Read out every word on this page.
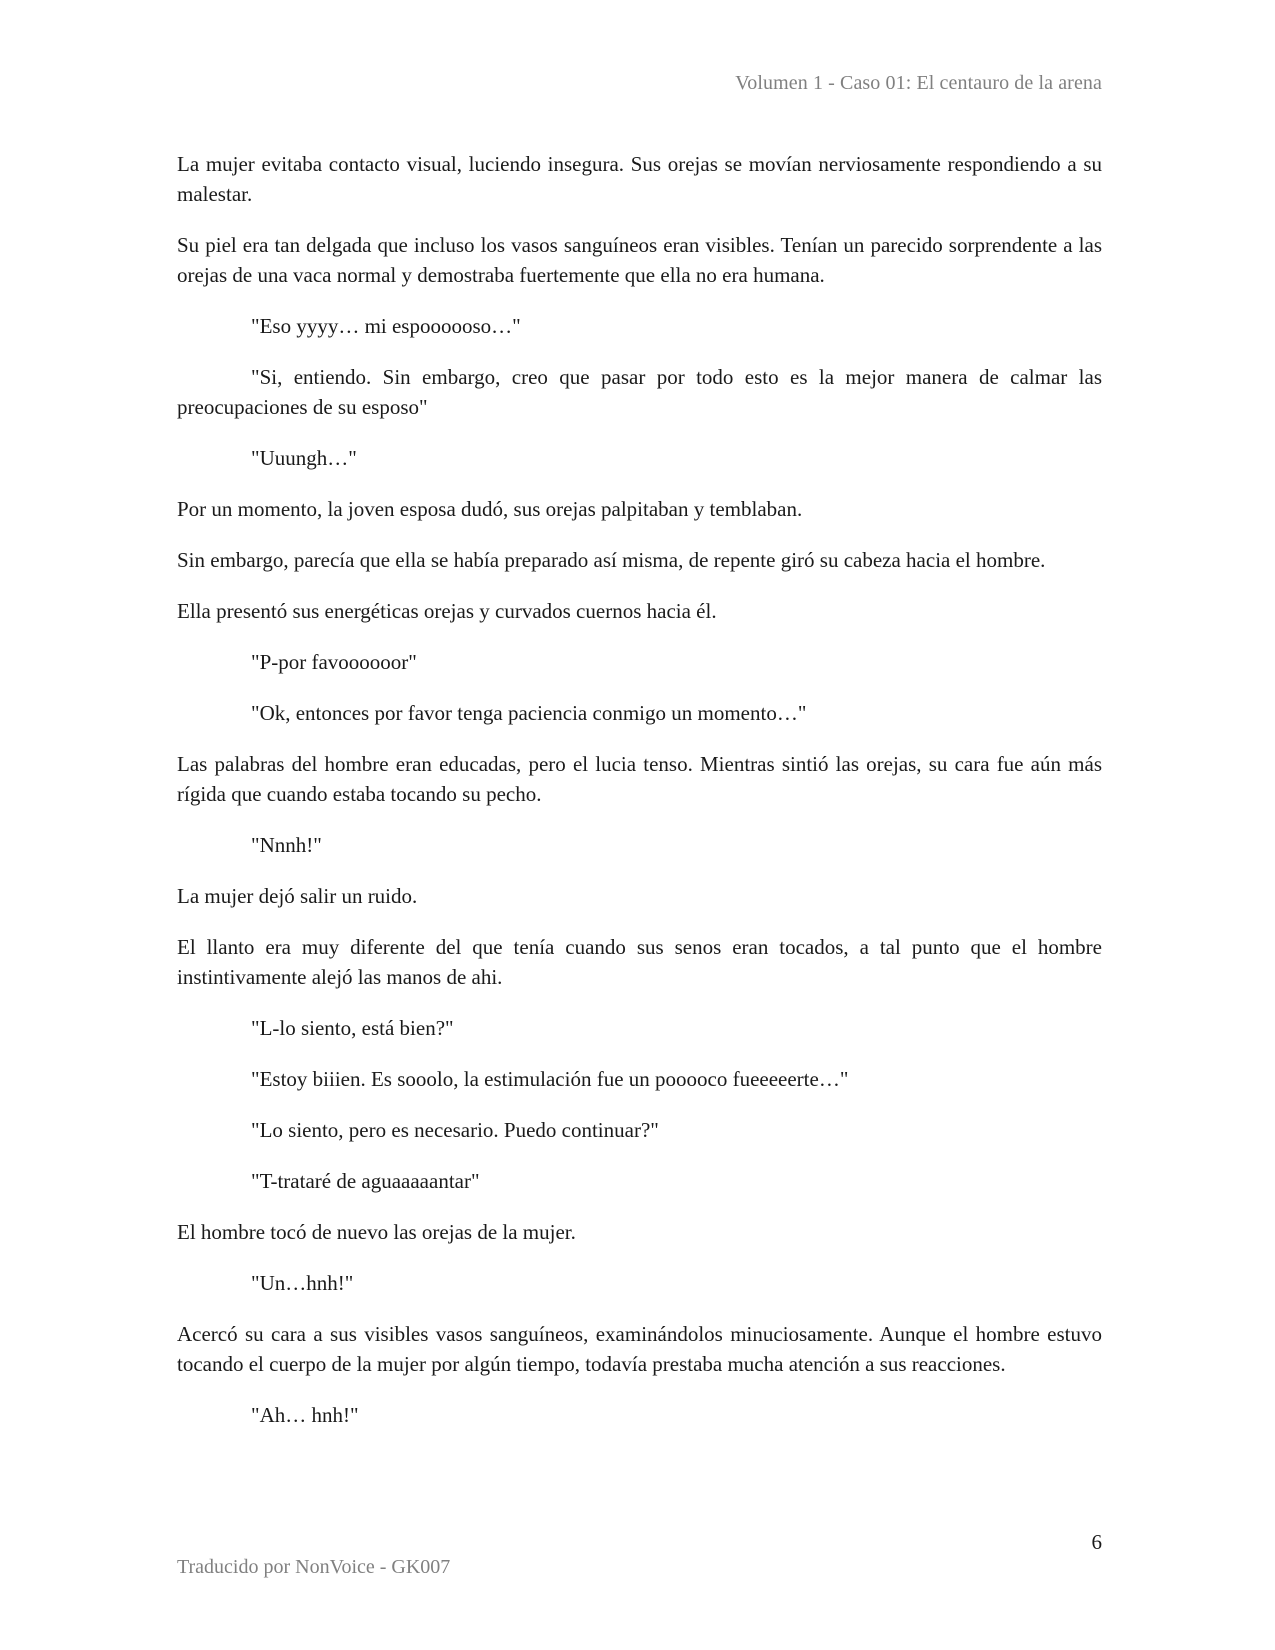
Volumen 1 - Caso 01: El centauro de la arena

La mujer evitaba contacto visual, luciendo insegura. Sus orejas se movían nerviosamente respondiendo a su malestar.

Su piel era tan delgada que incluso los vasos sanguíneos eran visibles. Tenían un parecido sorprendente a las orejas de una vaca normal y demostraba fuertemente que ella no era humana.

"Eso yyyy… mi espoooooso…"

"Si, entiendo. Sin embargo, creo que pasar por todo esto es la mejor manera de calmar las preocupaciones de su esposo"

"Uuungh…"

Por un momento, la joven esposa dudó, sus orejas palpitaban y temblaban.

Sin embargo, parecía que ella se había preparado así misma, de repente giró su cabeza hacia el hombre.

Ella presentó sus energéticas orejas y curvados cuernos hacia él.

"P-por favoooooor"

"Ok, entonces por favor tenga paciencia conmigo un momento…"

Las palabras del hombre eran educadas, pero el lucia tenso. Mientras sintió las orejas, su cara fue aún más rígida que cuando estaba tocando su pecho.

"Nnnh!"

La mujer dejó salir un ruido.

El llanto era muy diferente del que tenía cuando sus senos eran tocados, a tal punto que el hombre instintivamente alejó las manos de ahi.

"L-lo siento, está bien?"

"Estoy biiien. Es sooolo, la estimulación fue un pooooco fueeeeerte…"

"Lo siento, pero es necesario. Puedo continuar?"

"T-trataré de aguaaaaantar"

El hombre tocó de nuevo las orejas de la mujer.

"Un…hnh!"

Acercó su cara a sus visibles vasos sanguíneos, examinándolos minuciosamente. Aunque el hombre estuvo tocando el cuerpo de la mujer por algún tiempo, todavía prestaba mucha atención a sus reacciones.

"Ah… hnh!"

6
Traducido por NonVoice - GK007
